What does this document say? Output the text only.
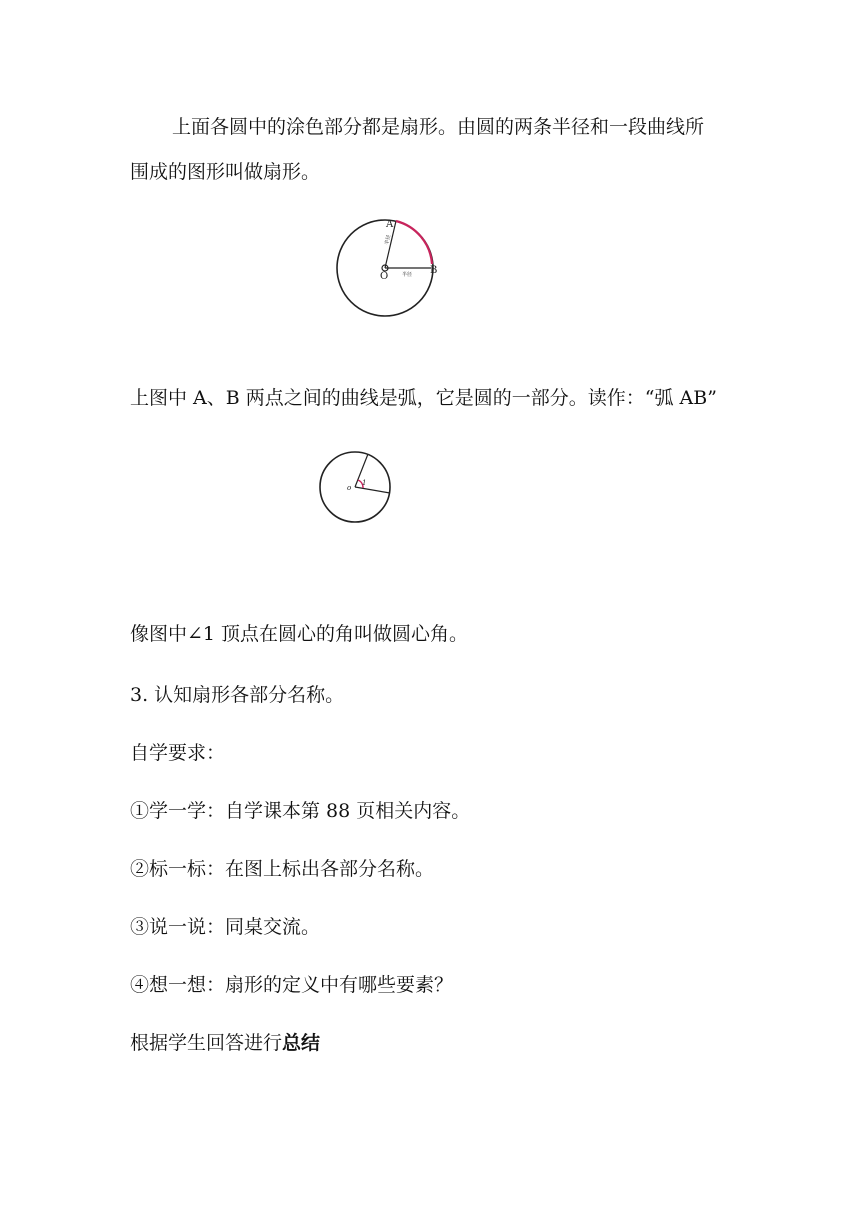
上面各圆中的涂色部分都是扇形。由圆的两条半径和一段曲线所

围成的图形叫做扇形。

A
B
O
半径
半径

上图中 A、B 两点之间的曲线是弧，它是圆的一部分。读作：“弧 AB”

o
1

像图中∠1 顶点在圆心的角叫做圆心角。

3. 认知扇形各部分名称。

自学要求：

①学一学：自学课本第 88 页相关内容。

②标一标：在图上标出各部分名称。

③说一说：同桌交流。

④想一想：扇形的定义中有哪些要素？

根据学生回答进行总结
